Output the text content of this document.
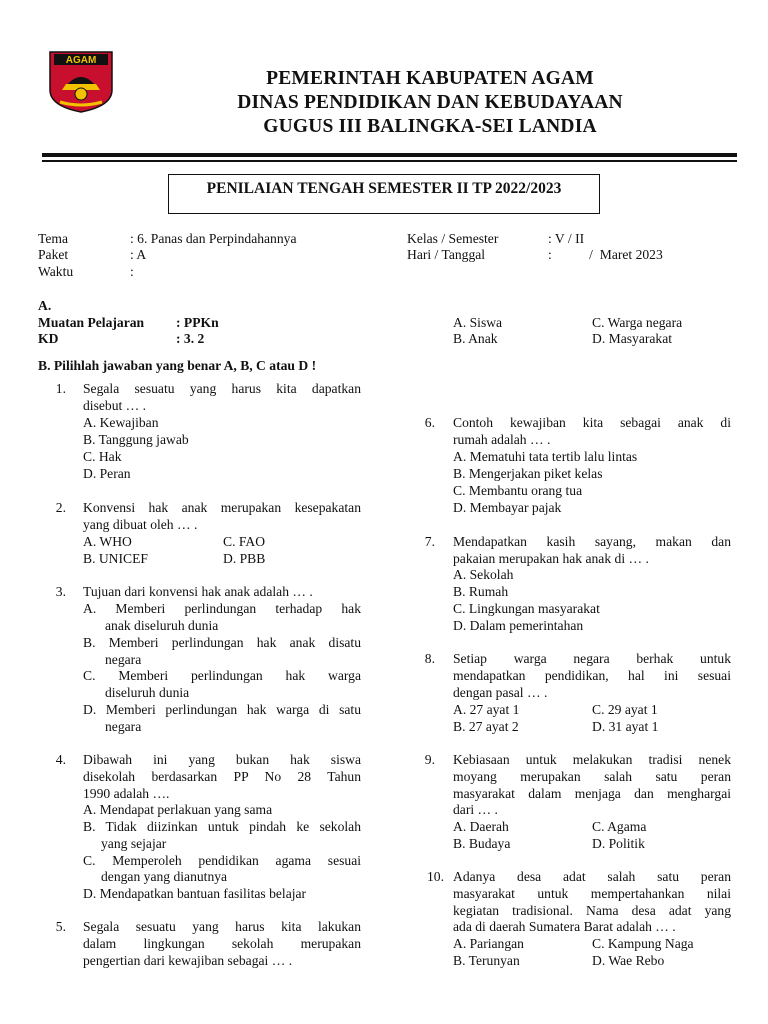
AGAM
PEMERINTAH KABUPATEN AGAM
DINAS PENDIDIKAN DAN KEBUDAYAAN
GUGUS III BALINGKA-SEI LANDIA
PENILAIAN TENGAH SEMESTER II TP 2022/2023
Tema	: 6. Panas dan Perpindahannya
Paket	: A
Waktu	:
Kelas / Semester	: V / II
Hari / Tanggal	:           /  Maret 2023
A.
Muatan Pelajaran : PPKn
KD	: 3. 2
A. Siswa	C. Warga negara
B. Anak	D. Masyarakat
B. Pilihlah jawaban yang benar A, B, C atau D !
1. Segala sesuatu yang harus kita dapatkan
disebut … .
A. Kewajiban
B. Tanggung jawab
C. Hak
D. Peran
2. Konvensi hak anak merupakan kesepakatan
yang dibuat oleh … .
A. WHO	C. FAO
B. UNICEF	D. PBB
3. Tujuan dari konvensi hak anak adalah … .
A. Memberi perlindungan terhadap hak
anak diseluruh dunia
B. Memberi perlindungan hak anak disatu
negara
C. Memberi perlindungan hak warga
diseluruh dunia
D. Memberi perlindungan hak warga di satu
negara
4. Dibawah ini yang bukan hak siswa
disekolah berdasarkan PP No 28 Tahun
1990 adalah ….
A. Mendapat perlakuan yang sama
B. Tidak diizinkan untuk pindah ke sekolah
yang sejajar
C. Memperoleh pendidikan agama sesuai
dengan yang dianutnya
D. Mendapatkan bantuan fasilitas belajar
5. Segala sesuatu yang harus kita lakukan
dalam lingkungan sekolah merupakan
pengertian dari kewajiban sebagai … .
6. Contoh kewajiban kita sebagai anak di
rumah adalah … .
A. Mematuhi tata tertib lalu lintas
B. Mengerjakan piket kelas
C. Membantu orang tua
D. Membayar pajak
7. Mendapatkan kasih sayang, makan dan
pakaian merupakan hak anak di … .
A. Sekolah
B. Rumah
C. Lingkungan masyarakat
D. Dalam pemerintahan
8. Setiap warga negara berhak untuk
mendapatkan pendidikan, hal ini sesuai
dengan pasal … .
A. 27 ayat 1	C. 29 ayat 1
B. 27 ayat 2	D. 31 ayat 1
9. Kebiasaan untuk melakukan tradisi nenek
moyang merupakan salah satu peran
masyarakat dalam menjaga dan menghargai
dari … .
A. Daerah	C. Agama
B. Budaya	D. Politik
10. Adanya desa adat salah satu peran
masyarakat untuk mempertahankan nilai
kegiatan tradisional. Nama desa adat yang
ada di daerah Sumatera Barat adalah … .
A. Pariangan	C. Kampung Naga
B. Terunyan	D. Wae Rebo
